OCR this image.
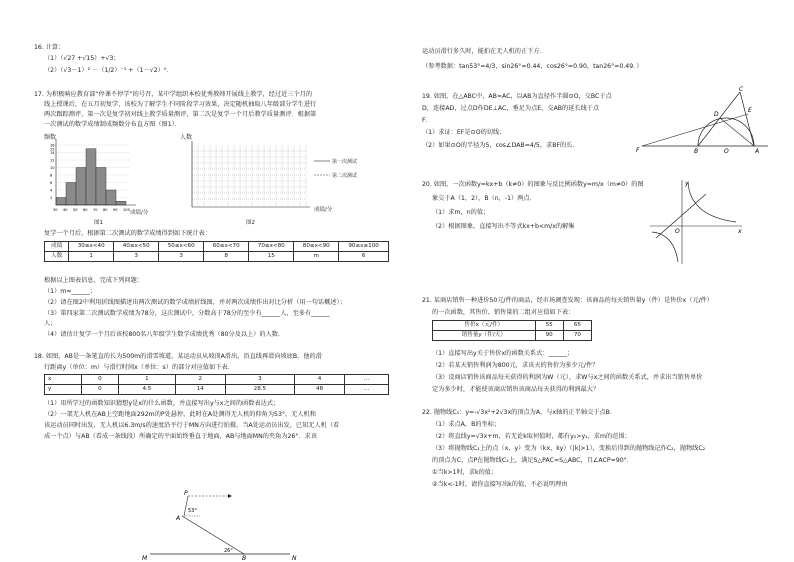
16. 计算：
（1）（√27 +√15）+√3；
（2）（√3－1）² －（1/2）⁻¹ +（1－√2）⁰．
17. 为积极响应教育部“停课不停学”的号召，某中学组织本校优秀教师开展线上教学，经过近三个月的
线上授课后，在五月初复学，该校为了解学生不同阶段学习效果，决定随机抽取八年级部分学生进行
两次跟踪测评，第一次是复学初对线上教学质量测评，第二次是复学一个月后教学质量测评．根据第
一次测试的数学成绩制成频数分布直方图（图1）．
频数
成绩/分
图1
30 40 50 60 70 80 90 100
2
4
6
8
10
12
14
15
16
人数
第一次测试
第二次测试
成绩/分
图2
复学一个月后，根据第二次测试的数学成绩得到如下统计表：
成绩	30≤x<40	40≤x<50	50≤x<60	60≤x<70	70≤x<80	80≤x<90	90≤x≤100
人数	1	3	3	8	15	m	6
根据以上图表信息，完成下列问题：
（1）m=______；
（2）请在图2中利用折线图描述出两次测试的数学成绩折线图，并对两次成绩作出对比分析（用一句话概述）；
（3）第四家第二次测试数学成绩为78分，这次测试中，分数高于78分的至少有______人，至多有______
人；
（4）请估计复学一个月后该校800名八年级学生数学成绩优秀（80分及以上）的人数．
18. 如图，AB是一条笔直的长为500m的滑雪坡道，某运动员从坡顶A滑出，沿直线再滑向坡底B，他的滑
行距离y（单位：m）与滑行时间x（单位：s）的部分对应值如下表．
x	0	1	2	3	4	...
y	0	4.5	14	28.5	48	...
（1）用所学过的函数知识猜想y是x的什么函数，并直接写出y与x之间的函数表达式；
（2）一架无人机在AB上空距地面292m的P处悬停，此时在A处测得无人机的仰角为53°，无人机和
该运动员同时出发，无人机以6.3m/s的速度沿平行于MN方向进行拍摄，当A处运动员出发，已知无人机（看
成一个点）与AB（看成一条线段）所确定的平面始终垂直于地面，AB与地面MN的夹角为26°．求该
P
A
B
M	N
53°
26°
运动员滑行多久时，能拍在无人机的正下方．
（参考数据：tan53°≈4/3，sin26°≈0.44，cos26°≈0.90，tan26°≈0.49．）
19. 如图，在△ABC中，AB=AC，以AB为直径作半圆⊙O，交BC于点
D，连接AD，过点D作DE⊥AC，垂足为点E，交AB的延长线于点
F．
（1）求证：EF是⊙O的切线；
（2）如果⊙O的半径为5，cos∠DAB=4/5，求BF的长．
C
E
D
F	B	O	A
20. 如图，一次函数y=kx+b（k≠0）的图象与反比例函数y=m/x（m≠0）的图
象交于A（1，2），B（n，-1）两点．
（1）求m，n的值；
（2）根据图象，直接写出不等式kx+b<m/x的解集
y
x
O
21. 某商店销售一种进价50元/件的商品，经市场调查发现：该商品的每天销售量y（件）是售价x（元/件）
的一次函数，其售价、销售量的二组对应值如下表：
售价x（元/件）	55	65
销售量y（件/天）	90	70
（1）直接写出y关于售价x的函数关系式：______；
（2）若某天销售利润为800元，求该天的售价为多少元/件？
（3）设商店销售该商品每天获得的利润为W（元），求W与x之间的函数关系式，并求出当销售单价
定为多少时，才能使该商店销售该商品每天获得的利润最大？
22. 抛物线C₁：y=-√3x²+2√3x的顶点为A，与x轴的正半轴交于点B．
（1）求点A，B的坐标；
（2）将直线y=√3x+m，若无论k取何值时，都有y₂>y₁，求m的范围；
（3）将抛物线C₁上的点（x，y）变为（kx，ky）（|k|>1），变换后得到的抛物线记作C₂，抛物线C₂
的顶点为C，点P在抛物线C₂上，满足S△PAC=S△ABC，且∠ACP=90°．
①当k>1时，求k的值；
②当k<-1时，请你直接写出k的值，不必说明理由
